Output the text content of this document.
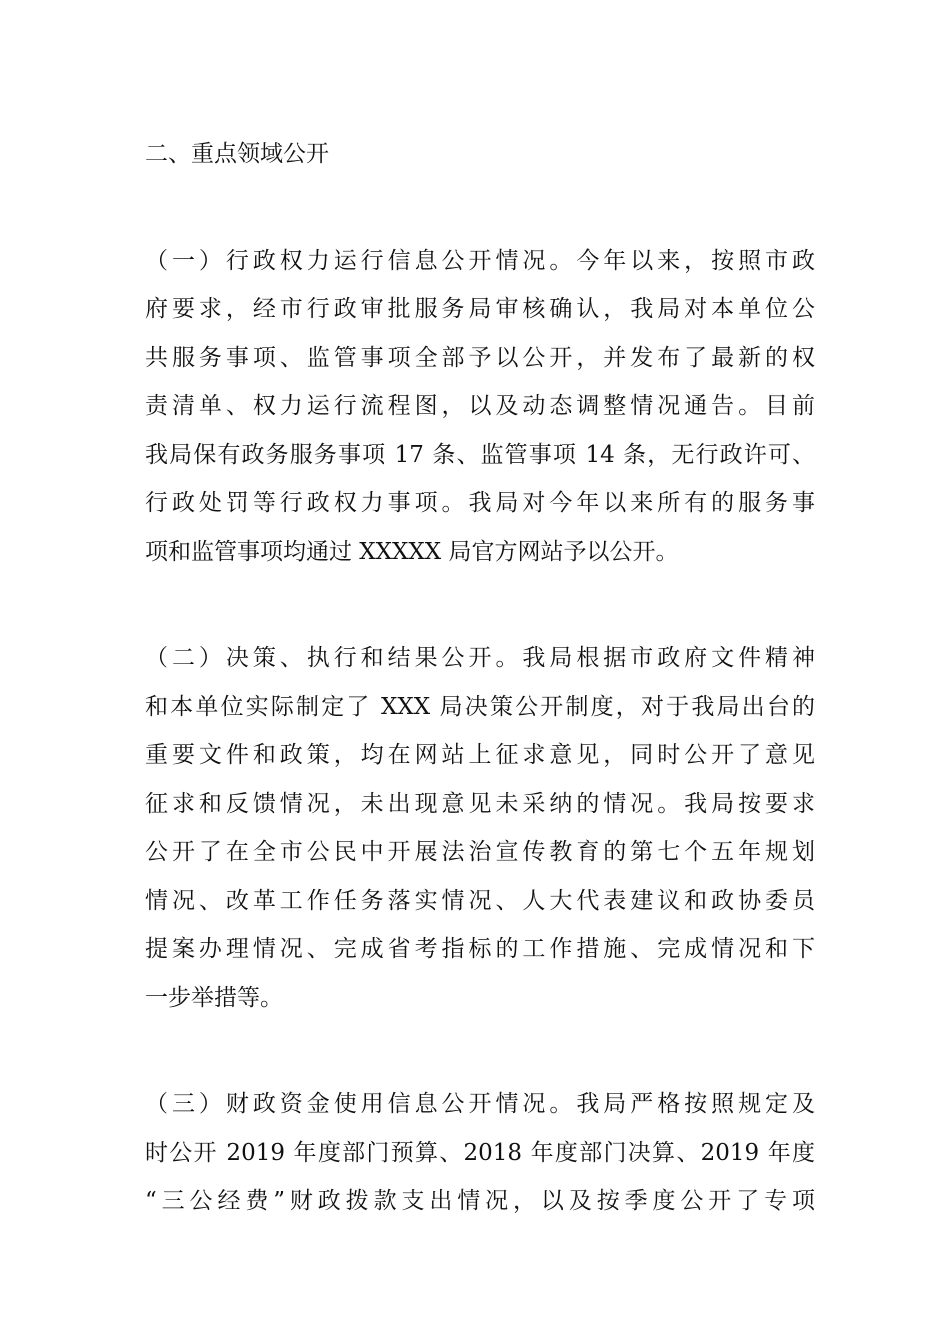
二、重点领域公开
（一）行政权力运行信息公开情况。今年以来，按照市政
府要求，经市行政审批服务局审核确认，我局对本单位公
共服务事项、监管事项全部予以公开，并发布了最新的权
责清单、权力运行流程图，以及动态调整情况通告。目前
我局保有政务服务事项 17 条、监管事项 14 条，无行政许可、
行政处罚等行政权力事项。我局对今年以来所有的服务事
项和监管事项均通过 XXXXX 局官方网站予以公开。
（二）决策、执行和结果公开。我局根据市政府文件精神
和本单位实际制定了 XXX 局决策公开制度，对于我局出台的
重要文件和政策，均在网站上征求意见，同时公开了意见
征求和反馈情况，未出现意见未采纳的情况。我局按要求
公开了在全市公民中开展法治宣传教育的第七个五年规划
情况、改革工作任务落实情况、人大代表建议和政协委员
提案办理情况、完成省考指标的工作措施、完成情况和下
一步举措等。
（三）财政资金使用信息公开情况。我局严格按照规定及
时公开 2019 年度部门预算、2018 年度部门决算、2019 年度
“三公经费”财政拨款支出情况，以及按季度公开了专项
